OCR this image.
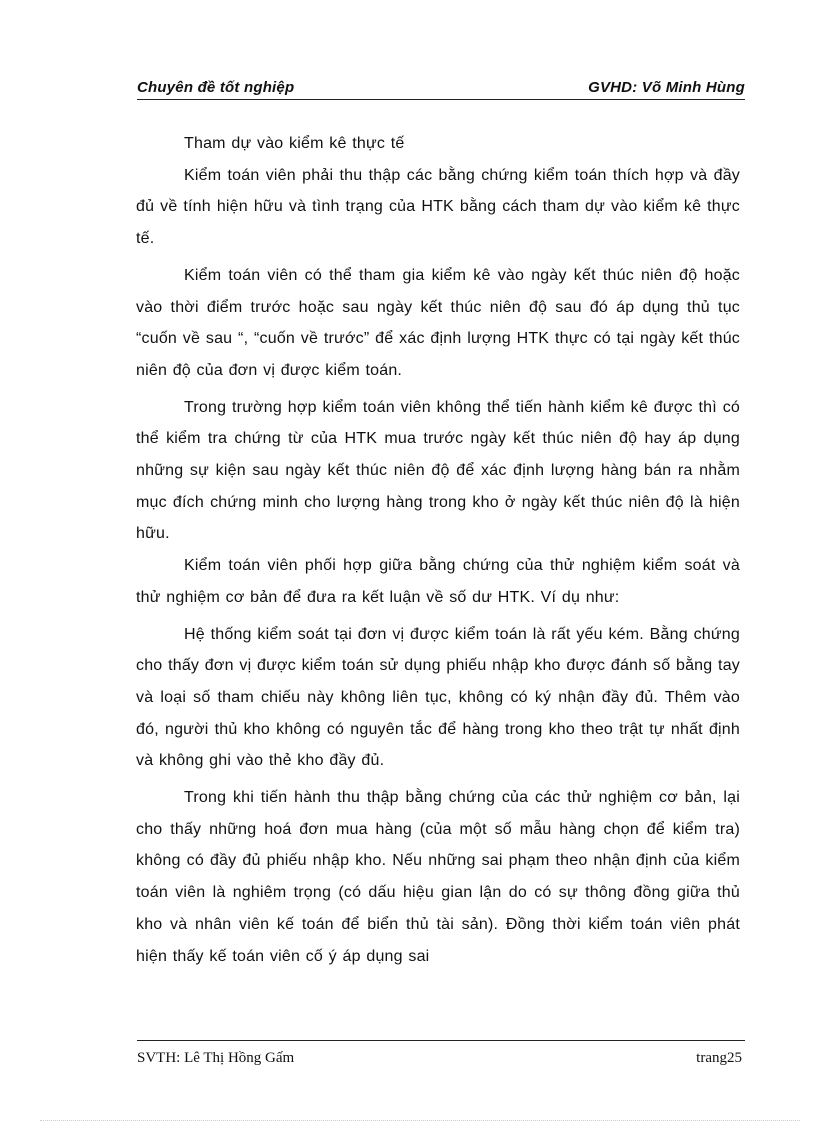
Chuyên đề tốt nghiệp	GVHD: Võ Minh Hùng

Tham dự vào kiểm kê thực tế

Kiểm toán viên phải thu thập các bằng chứng kiểm toán thích hợp và đầy đủ về tính hiện hữu và tình trạng của HTK bằng cách tham dự vào kiểm kê thực tế.

Kiểm toán viên có thể tham gia kiểm kê vào ngày kết thúc niên độ hoặc vào thời điểm trước hoặc sau ngày kết thúc niên độ sau đó áp dụng thủ tục “cuốn về sau “, “cuốn về trước” để xác định lượng HTK thực có tại ngày kết thúc niên độ của đơn vị được kiểm toán.

Trong trường hợp kiểm toán viên không thể tiến hành kiểm kê được thì có thể kiểm tra chứng từ của HTK mua trước ngày kết thúc niên độ hay áp dụng những sự kiện sau ngày kết thúc niên độ để xác định lượng hàng bán ra nhằm mục đích chứng minh cho lượng hàng trong kho ở ngày kết thúc niên độ là hiện hữu.

Kiểm toán viên phối hợp giữa bằng chứng của thử nghiệm kiểm soát và thử nghiệm cơ bản để đưa ra kết luận về số dư HTK. Ví dụ như:

Hệ thống kiểm soát tại đơn vị được kiểm toán là rất yếu kém. Bằng chứng cho thấy đơn vị được kiểm toán sử dụng phiếu nhập kho được đánh số bằng tay và loại số tham chiếu này không liên tục, không có ký nhận đầy đủ. Thêm vào đó, người thủ kho không có nguyên tắc để hàng trong kho theo trật tự nhất định và không ghi vào thẻ kho đầy đủ.

Trong khi tiến hành thu thập bằng chứng của các thử nghiệm cơ bản, lại cho thấy những hoá đơn mua hàng (của một số mẫu hàng chọn để kiểm tra) không có đầy đủ phiếu nhập kho. Nếu những sai phạm theo nhận định của kiểm toán viên là nghiêm trọng (có dấu hiệu gian lận do có sự thông đồng giữa thủ kho và nhân viên kế toán để biển thủ tài sản). Đồng thời kiểm toán viên phát hiện thấy kế toán viên cố ý áp dụng sai

SVTH: Lê Thị Hồng Gấm	trang25
